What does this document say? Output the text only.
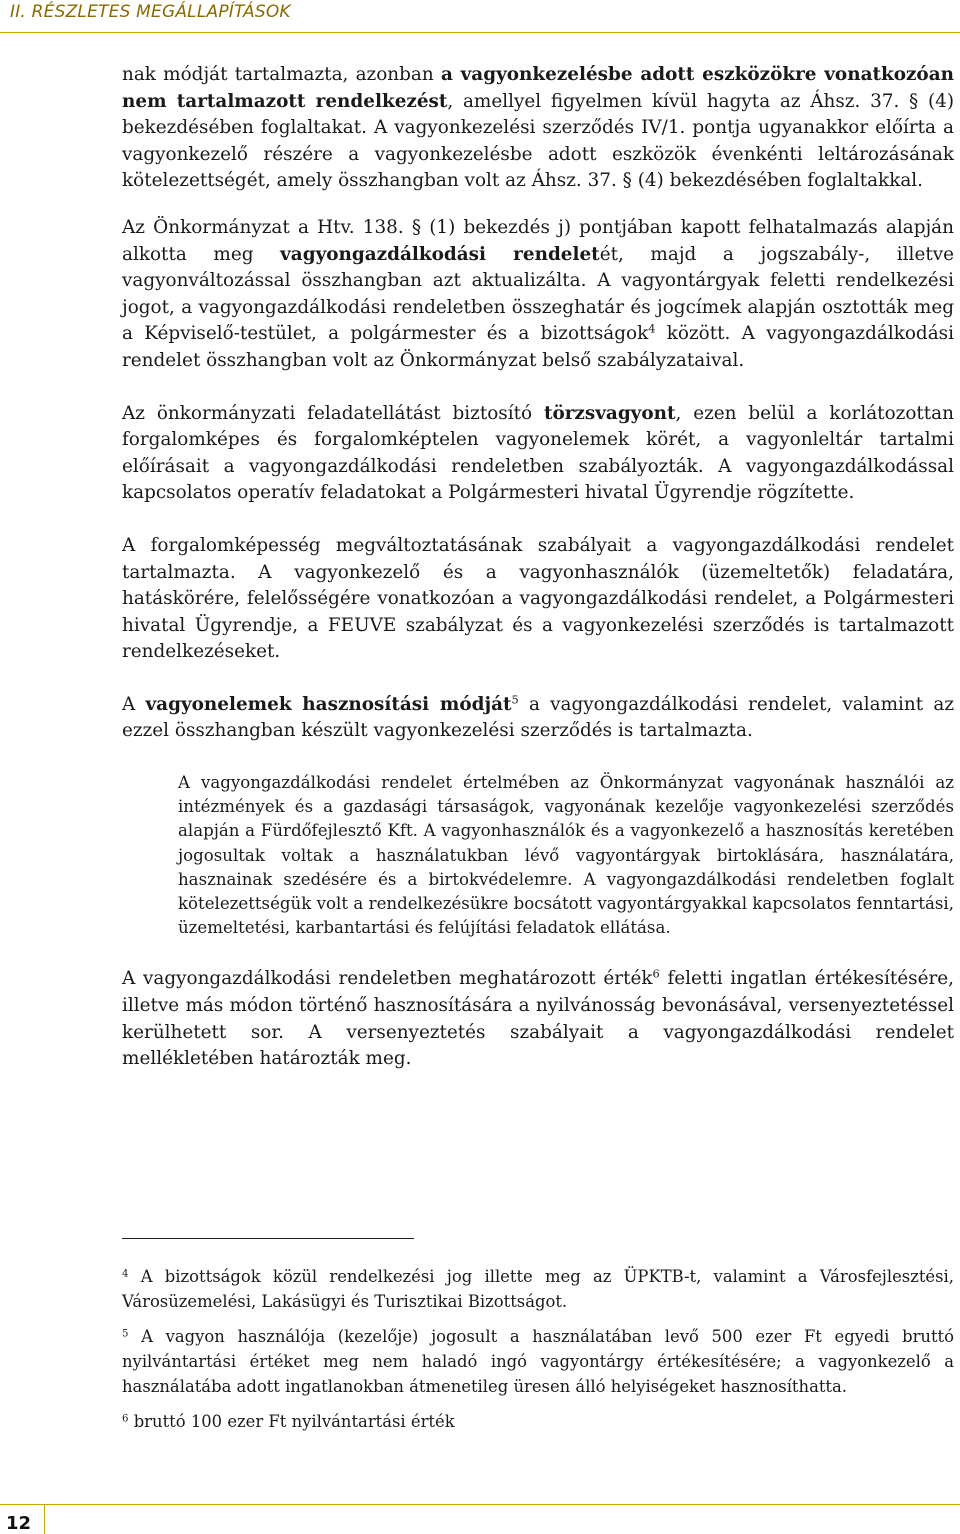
II. RÉSZLETES MEGÁLLAPÍTÁSOK

nak módját tartalmazta, azonban a vagyonkezelésbe adott eszközökre vonatkozóan nem tartalmazott rendelkezést, amellyel figyelmen kívül hagyta az Áhsz. 37. § (4) bekezdésében foglaltakat. A vagyonkezelési szerződés IV/1. pontja ugyanakkor előírta a vagyonkezelő részére a vagyonkezelésbe adott eszközök évenkénti leltározásának kötelezettségét, amely összhangban volt az Áhsz. 37. § (4) bekezdésében foglaltakkal.

Az Önkormányzat a Htv. 138. § (1) bekezdés j) pontjában kapott felhatalmazás alapján alkotta meg vagyongazdálkodási rendeletét, majd a jogszabály-, illetve vagyonváltozással összhangban azt aktualizálta. A vagyontárgyak feletti rendelkezési jogot, a vagyongazdálkodási rendeletben összeghatár és jogcímek alapján osztották meg a Képviselő-testület, a polgármester és a bizottságok$^4$ között. A vagyongazdálkodási rendelet összhangban volt az Önkormányzat belső szabályzataival.

Az önkormányzati feladatellátást biztosító törzsvagyont, ezen belül a korlátozottan forgalomképes és forgalomképtelen vagyonelemek körét, a vagyonleltár tartalmi előírásait a vagyongazdálkodási rendeletben szabályozták. A vagyongazdálkodással kapcsolatos operatív feladatokat a Polgármesteri hivatal Ügyrendje rögzítette.

A forgalomképesség megváltoztatásának szabályait a vagyongazdálkodási rendelet tartalmazta. A vagyonkezelő és a vagyonhasználók (üzemeltetők) feladatára, hatáskörére, felelősségére vonatkozóan a vagyongazdálkodási rendelet, a Polgármesteri hivatal Ügyrendje, a FEUVE szabályzat és a vagyonkezelési szerződés is tartalmazott rendelkezéseket.

A vagyonelemek hasznosítási módját$^5$ a vagyongazdálkodási rendelet, valamint az ezzel összhangban készült vagyonkezelési szerződés is tartalmazta.

A vagyongazdálkodási rendelet értelmében az Önkormányzat vagyonának használói az intézmények és a gazdasági társaságok, vagyonának kezelője vagyonkezelési szerződés alapján a Fürdőfejlesztő Kft. A vagyonhasználók és a vagyonkezelő a hasznosítás keretében jogosultak voltak a használatukban lévő vagyontárgyak birtoklására, használatára, hasznainak szedésére és a birtokvédelemre. A vagyongazdálkodási rendeletben foglalt kötelezettségük volt a rendelkezésükre bocsátott vagyontárgyakkal kapcsolatos fenntartási, üzemeltetési, karbantartási és felújítási feladatok ellátása.

A vagyongazdálkodási rendeletben meghatározott érték$^6$ feletti ingatlan értékesítésére, illetve más módon történő hasznosítására a nyilvánosság bevonásával, versenyeztetéssel kerülhetett sor. A versenyeztetés szabályait a vagyongazdálkodási rendelet mellékletében határozták meg.

$^4$ A bizottságok közül rendelkezési jog illette meg az ÜPKTB-t, valamint a Városfejlesztési, Városüzemelési, Lakásügyi és Turisztikai Bizottságot.

$^5$ A vagyon használója (kezelője) jogosult a használatában levő 500 ezer Ft egyedi bruttó nyilvántartási értéket meg nem haladó ingó vagyontárgy értékesítésére; a vagyonkezelő a használatába adott ingatlanokban átmenetileg üresen álló helyiségeket hasznosíthatta.

$^6$ bruttó 100 ezer Ft nyilvántartási érték

12
